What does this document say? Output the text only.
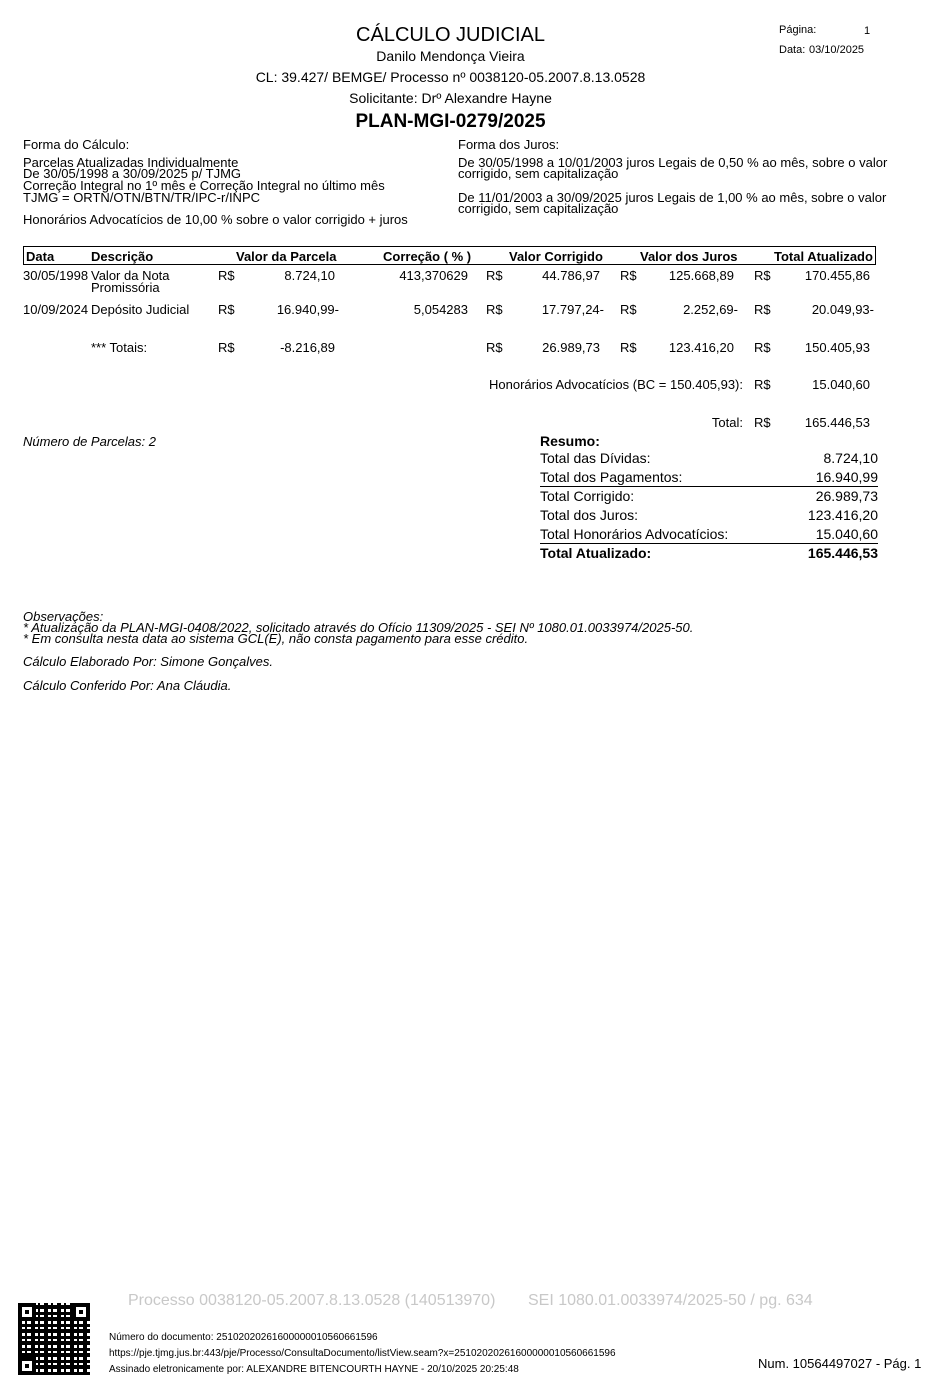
CÁLCULO JUDICIAL
Danilo Mendonça Vieira
CL: 39.427/ BEMGE/ Processo nº 0038120-05.2007.8.13.0528
Solicitante: Drº Alexandre Hayne
PLAN-MGI-0279/2025
Página:	1
Data: 03/10/2025
Forma do Cálculo:
Parcelas Atualizadas Individualmente
De 30/05/1998 a 30/09/2025 p/ TJMG
Correção Integral no 1º mês e Correção Integral no último mês
TJMG = ORTN/OTN/BTN/TR/IPC-r/INPC
Honorários Advocatícios de 10,00 % sobre o valor corrigido + juros
Forma dos Juros:
De 30/05/1998 a 10/01/2003 juros Legais de 0,50 % ao mês, sobre o valor
corrigido, sem capitalização
De 11/01/2003 a 30/09/2025 juros Legais de 1,00 % ao mês, sobre o valor
corrigido, sem capitalização
Data	Descrição	Valor da Parcela	Correção ( % )	Valor Corrigido	Valor dos Juros	Total Atualizado
30/05/1998 Valor da Nota
Promissória
R$	8.724,10	413,370629 R$	44.786,97 R$	125.668,89 R$	170.455,86
10/09/2024 Depósito Judicial R$	16.940,99-	5,054283 R$	17.797,24- R$	2.252,69- R$	20.049,93-
*** Totais:	R$	-8.216,89	R$	26.989,73 R$	123.416,20 R$	150.405,93
Honorários Advocatícios (BC = 150.405,93): R$	15.040,60
Total: R$	165.446,53
Número de Parcelas: 2	Resumo:
Total das Dívidas:	8.724,10
Total dos Pagamentos:	16.940,99
Total Corrigido:	26.989,73
Total dos Juros:	123.416,20
Total Honorários Advocatícios:	15.040,60
Total Atualizado:	165.446,53
Observações:
* Atualização da PLAN-MGI-0408/2022, solicitado através do Ofício 11309/2025 - SEI Nº 1080.01.0033974/2025-50.
* Em consulta nesta data ao sistema GCL(E), não consta pagamento para esse crédito.
Cálculo Elaborado Por: Simone Gonçalves.
Cálculo Conferido Por: Ana Cláudia.
Processo 0038120-05.2007.8.13.0528 (140513970) SEI 1080.01.0033974/2025-50 / pg. 634
Número do documento: 25102020261600000010560661596
https://pje.tjmg.jus.br:443/pje/Processo/ConsultaDocumento/listView.seam?x=25102020261600000010560661596
Assinado eletronicamente por: ALEXANDRE BITENCOURTH HAYNE - 20/10/2025 20:25:48	Num. 10564497027 - Pág. 1
